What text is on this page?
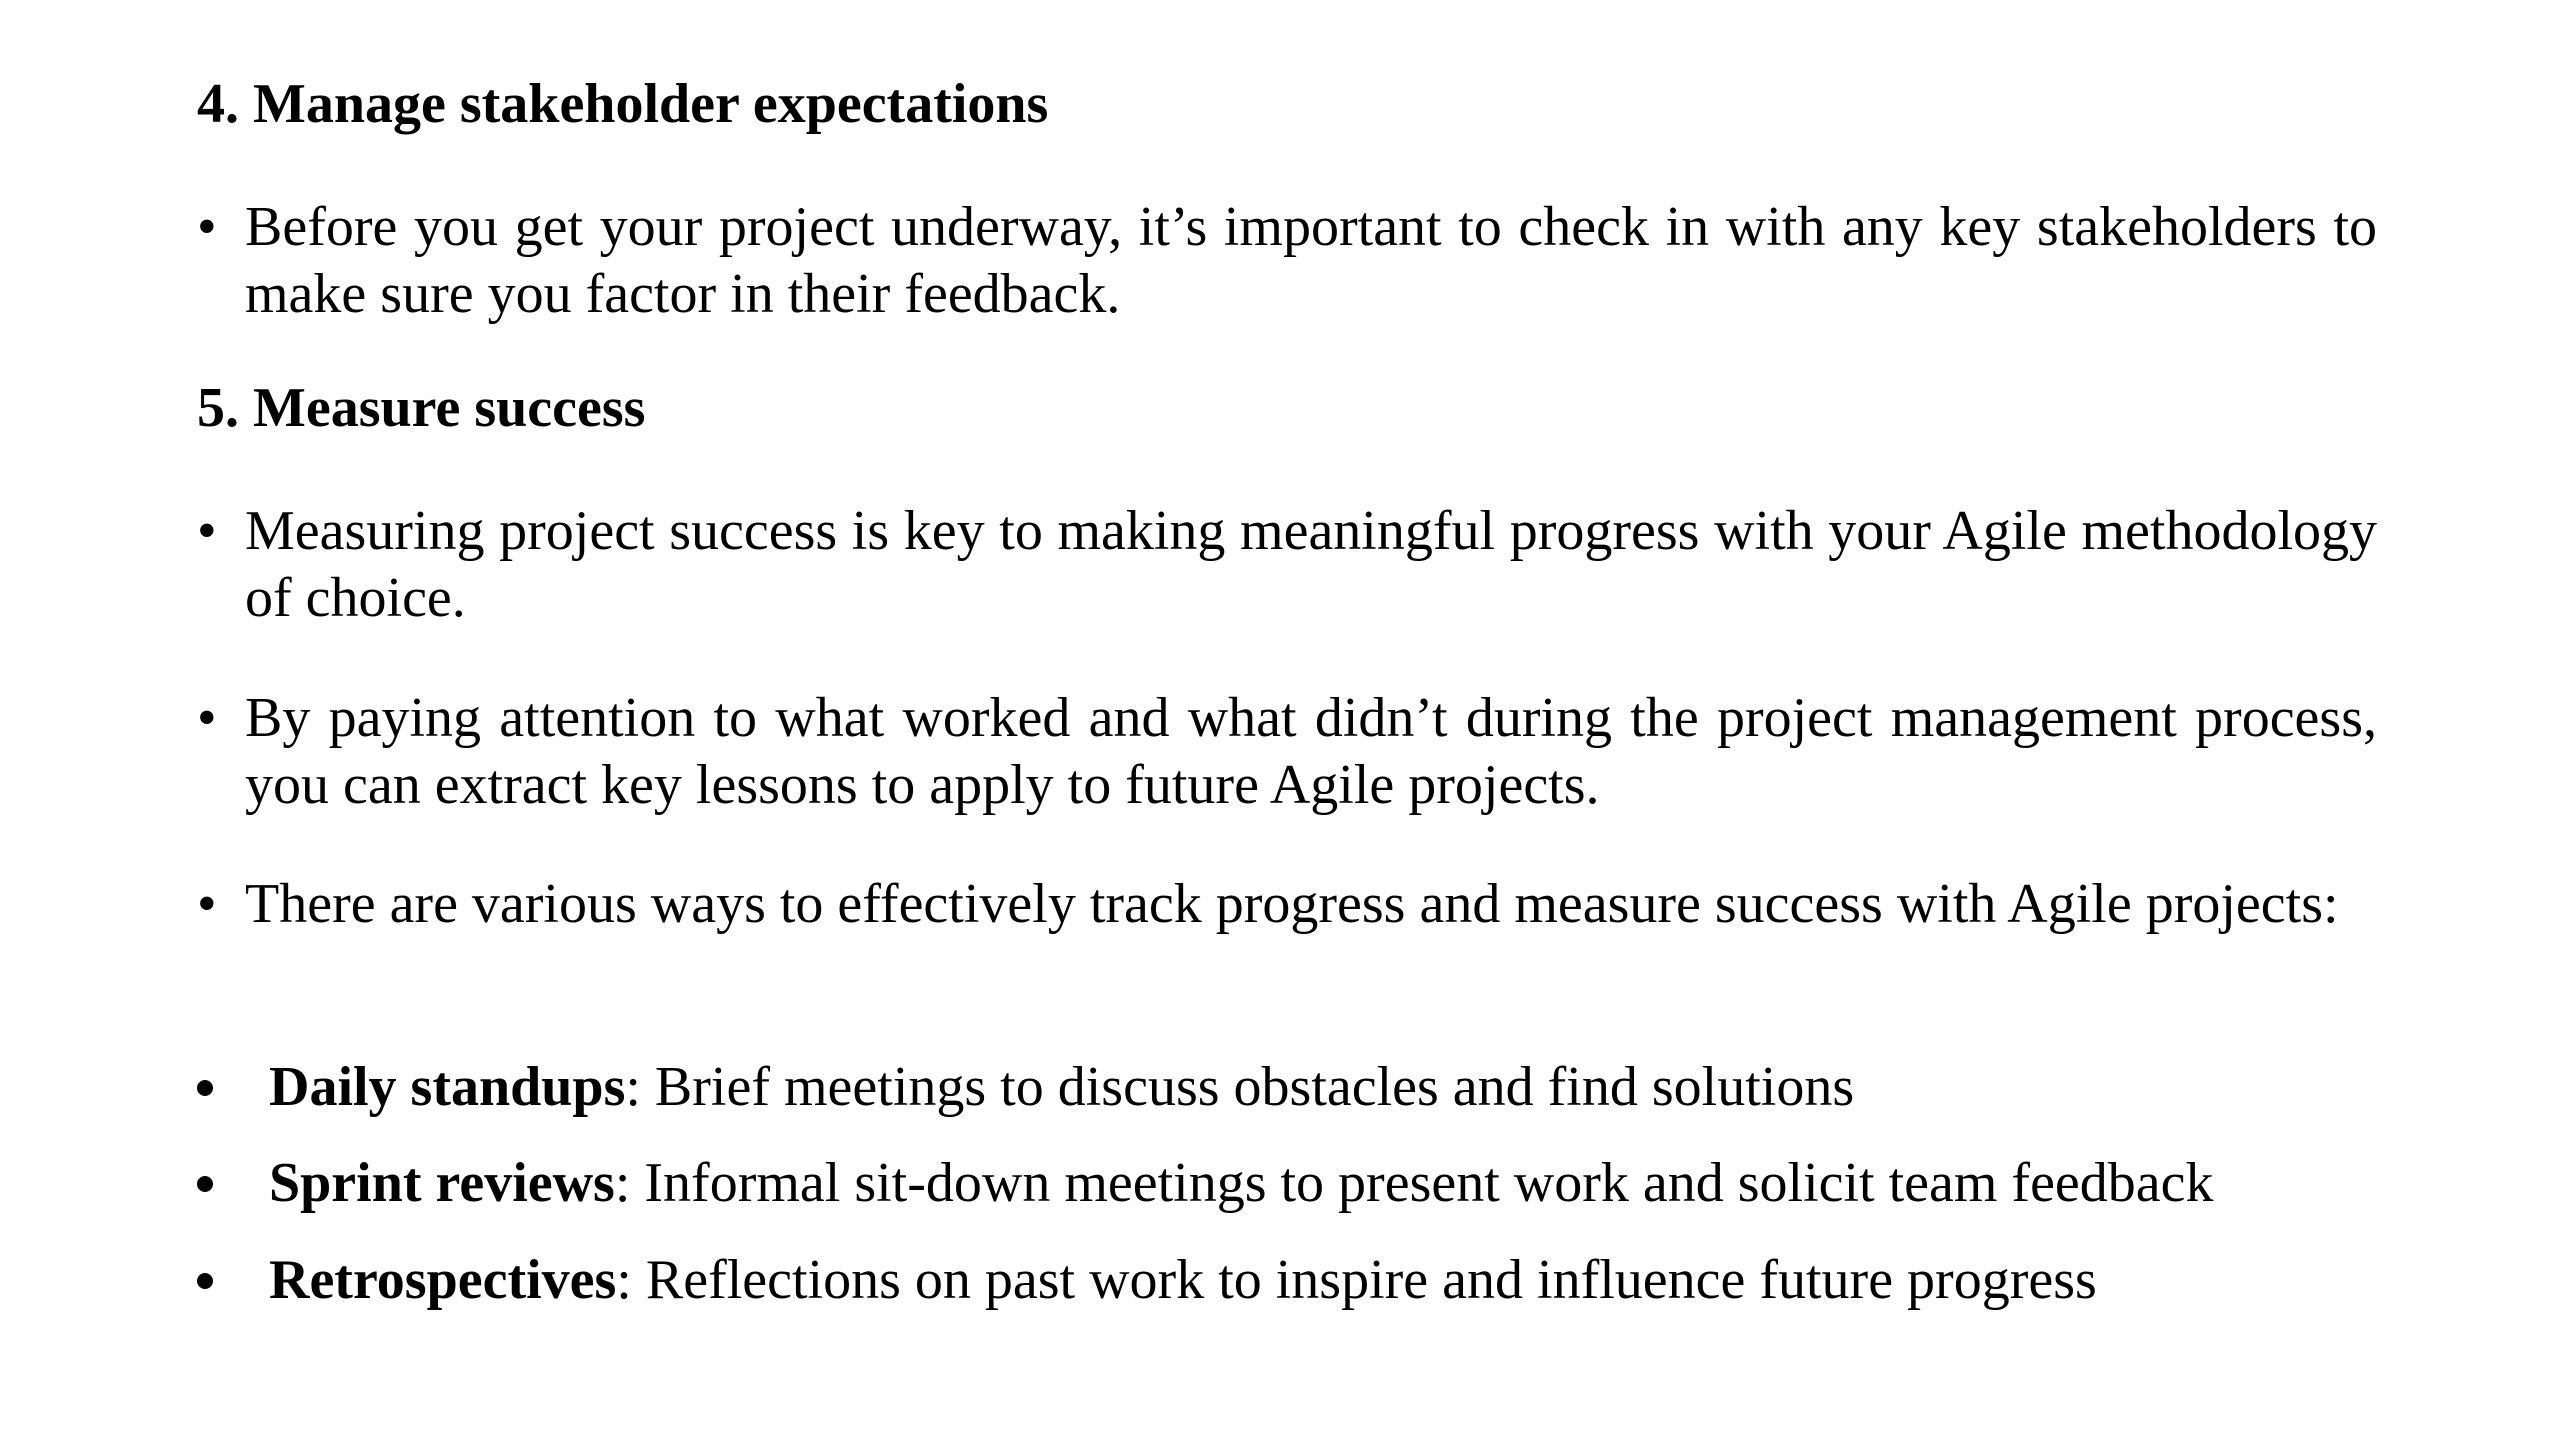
4. Manage stakeholder expectations
• Before you get your project underway, it’s important to check in with any key stakeholders to make sure you factor in their feedback.
5. Measure success
• Measuring project success is key to making meaningful progress with your Agile methodology of choice.
• By paying attention to what worked and what didn’t during the project management process, you can extract key lessons to apply to future Agile projects.
• There are various ways to effectively track progress and measure success with Agile projects:
Daily standups: Brief meetings to discuss obstacles and find solutions
Sprint reviews: Informal sit-down meetings to present work and solicit team feedback
Retrospectives: Reflections on past work to inspire and influence future progress
